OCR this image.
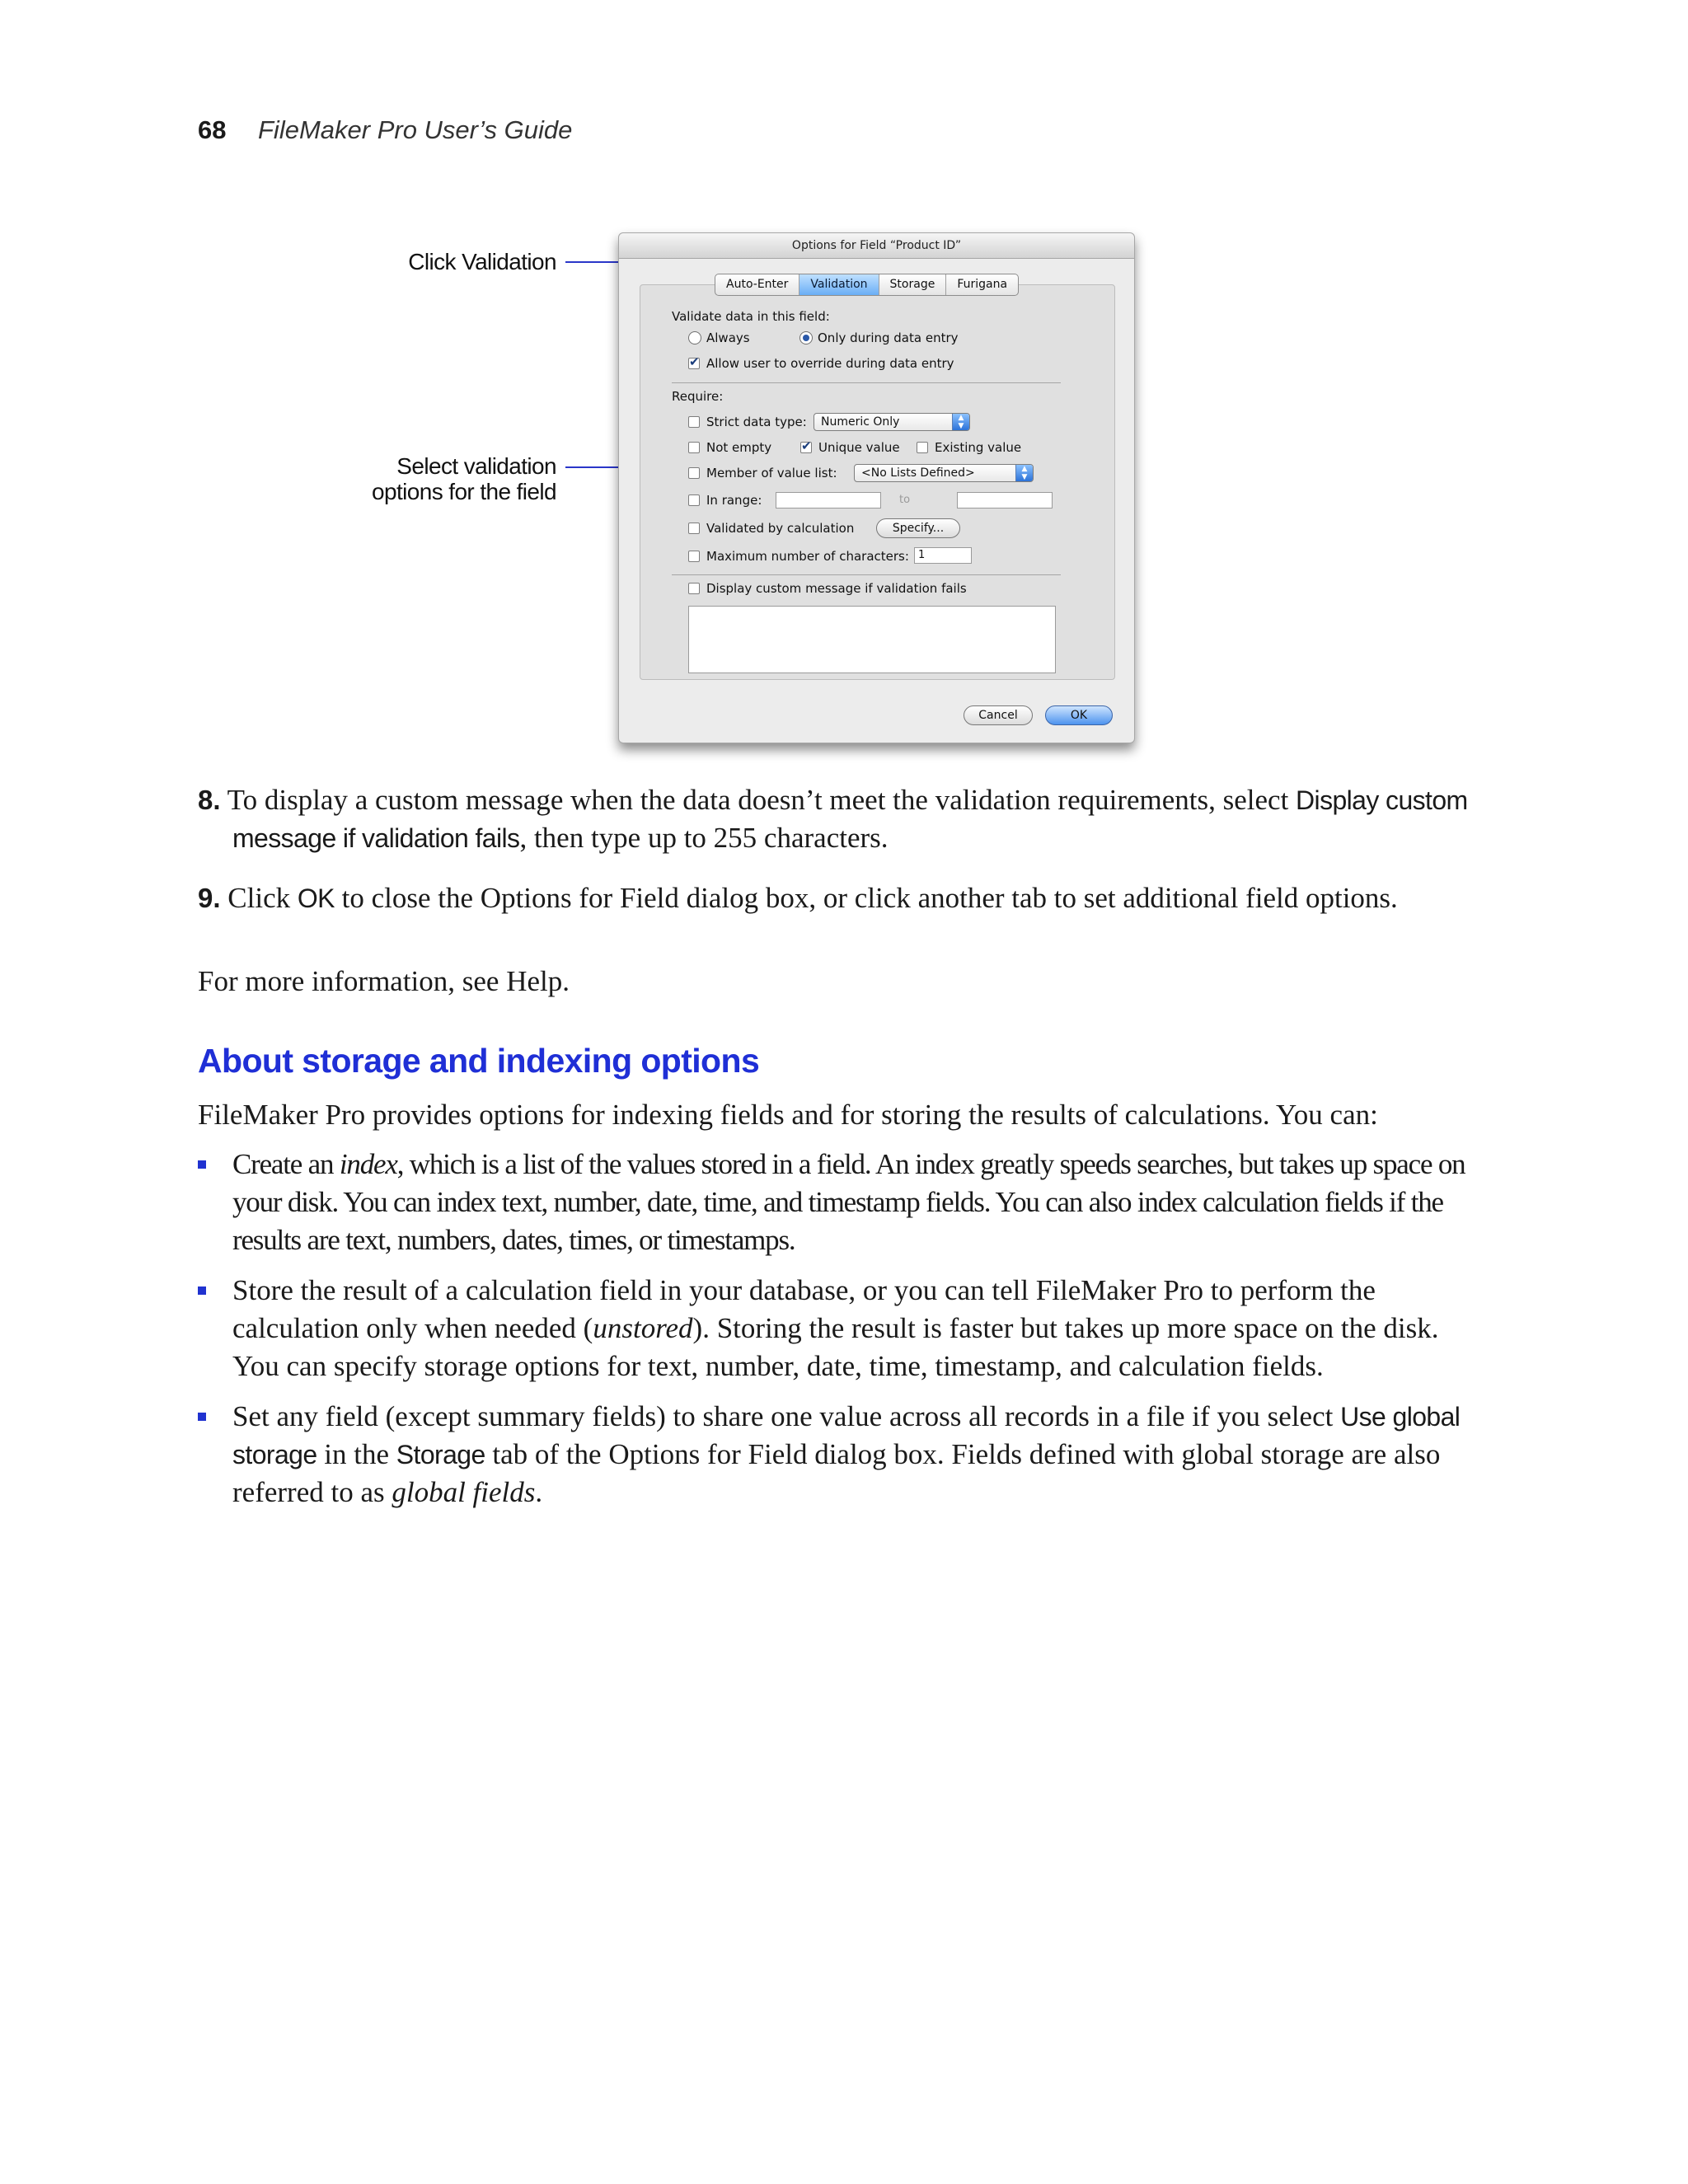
68 FileMaker Pro User’s Guide
Click Validation
Select validation
options for the field
Options for Field “Product ID”
Auto-Enter	Validation	Storage	Furigana
Validate data in this field:
Always	Only during data entry
✔
Allow user to override during data entry
Require:
Strict data type:	Numeric Only	▲
▼
Not empty
✔	Unique value	Existing value
Member of value list:	<No Lists Defined>	▲
▼
In range:	to
Validated by calculation	Specify...
Maximum number of characters: 1
Display custom message if validation fails
Cancel	OK
8. To display a custom message when the data doesn’t meet the validation requirements, select Display custom
message if validation fails, then type up to 255 characters.
9. Click OK to close the Options for Field dialog box, or click another tab to set additional field options.
For more information, see Help.
About storage and indexing options
FileMaker Pro provides options for indexing fields and for storing the results of calculations. You can:
Create an index, which is a list of the values stored in a field. An index greatly speeds searches, but takes up space on
your disk. You can index text, number, date, time, and timestamp fields. You can also index calculation fields if the
results are text, numbers, dates, times, or timestamps.
Store the result of a calculation field in your database, or you can tell FileMaker Pro to perform the
calculation only when needed (unstored). Storing the result is faster but takes up more space on the disk.
You can specify storage options for text, number, date, time, timestamp, and calculation fields.
Set any field (except summary fields) to share one value across all records in a file if you select Use global
storage in the Storage tab of the Options for Field dialog box. Fields defined with global storage are also
referred to as global fields.
